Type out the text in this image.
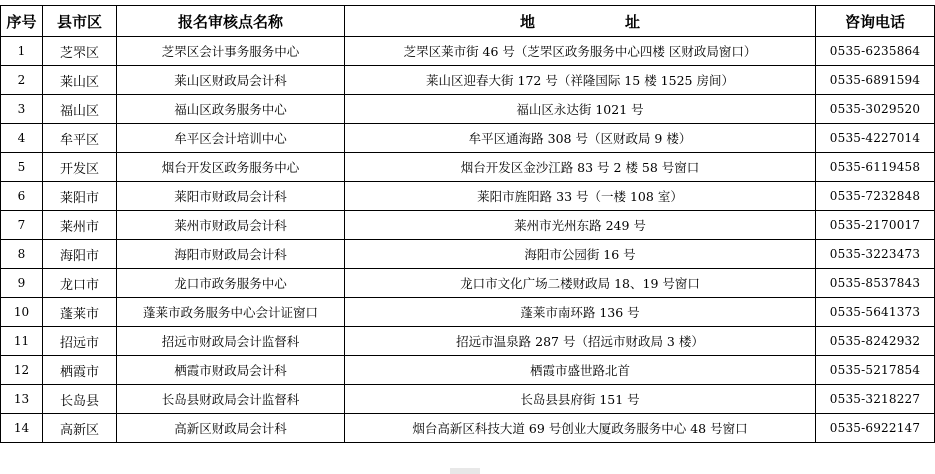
序号	县市区	报名审核点名称	地　　　　　　址	咨询电话
1	芝罘区	芝罘区会计事务服务中心	芝罘区莱市街 46 号（芝罘区政务服务中心四楼 区财政局窗口）	0535-6235864
2	莱山区	莱山区财政局会计科	莱山区迎春大街 172 号（祥隆国际 15 楼 1525 房间）	0535-6891594
3	福山区	福山区政务服务中心	福山区永达街 1021 号	0535-3029520
4	牟平区	牟平区会计培训中心	牟平区通海路 308 号（区财政局 9 楼）	0535-4227014
5	开发区	烟台开发区政务服务中心	烟台开发区金沙江路 83 号 2 楼 58 号窗口	0535-6119458
6	莱阳市	莱阳市财政局会计科	莱阳市旌阳路 33 号（一楼 108 室）	0535-7232848
7	莱州市	莱州市财政局会计科	莱州市光州东路 249 号	0535-2170017
8	海阳市	海阳市财政局会计科	海阳市公园街 16 号	0535-3223473
9	龙口市	龙口市政务服务中心	龙口市文化广场二楼财政局 18、19 号窗口	0535-8537843
10	蓬莱市	蓬莱市政务服务中心会计证窗口	蓬莱市南环路 136 号	0535-5641373
11	招远市	招远市财政局会计监督科	招远市温泉路 287 号（招远市财政局 3 楼）	0535-8242932
12	栖霞市	栖霞市财政局会计科	栖霞市盛世路北首	0535-5217854
13	长岛县	长岛县财政局会计监督科	长岛县县府街 151 号	0535-3218227
14	高新区	高新区财政局会计科	烟台高新区科技大道 69 号创业大厦政务服务中心 48 号窗口	0535-6922147
